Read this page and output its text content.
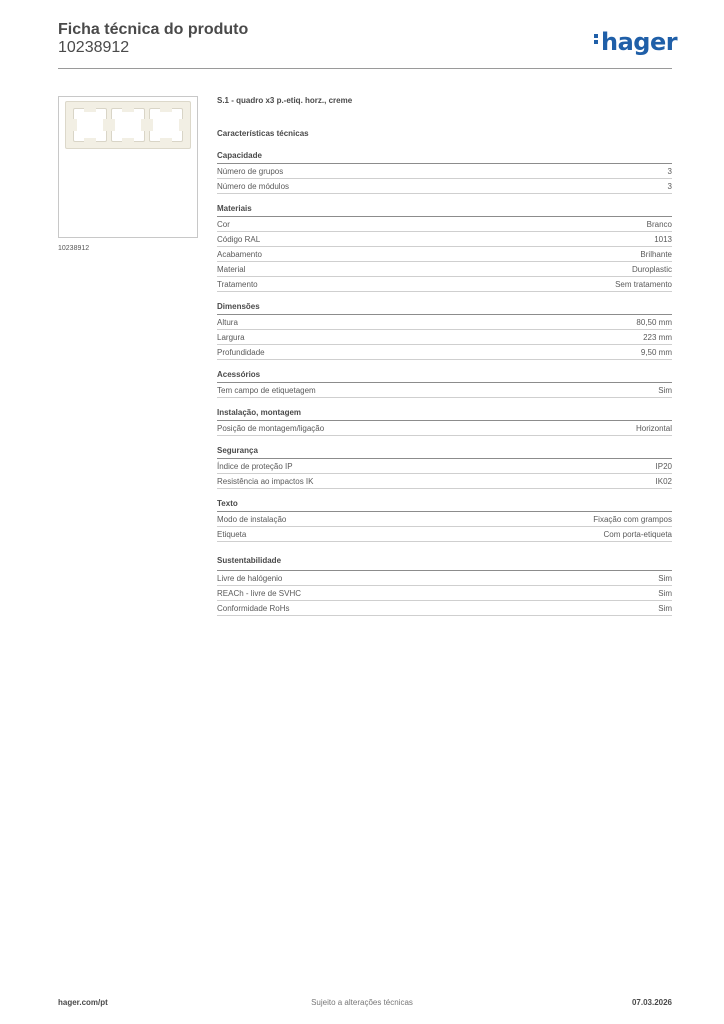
Ficha técnica do produto
10238912	hager
10238912
S.1 - quadro x3 p.-etiq. horz., creme
Características técnicas
Capacidade
Número de grupos	3
Número de módulos	3
Materiais
Cor	Branco
Código RAL	1013
Acabamento	Brilhante
Material	Duroplastic
Tratamento	Sem tratamento
Dimensões
Altura	80,50 mm
Largura	223 mm
Profundidade	9,50 mm
Acessórios
Tem campo de etiquetagem	Sim
Instalação, montagem
Posição de montagem/ligação	Horizontal
Segurança
Índice de proteção IP	IP20
Resistência ao impactos IK	IK02
Texto
Modo de instalação	Fixação com grampos
Etiqueta	Com porta-etiqueta
Sustentabilidade
Livre de halógenio	Sim
REACh - livre de SVHC	Sim
Conformidade RoHs	Sim
hager.com/pt	Sujeito a alterações técnicas	07.03.2026
